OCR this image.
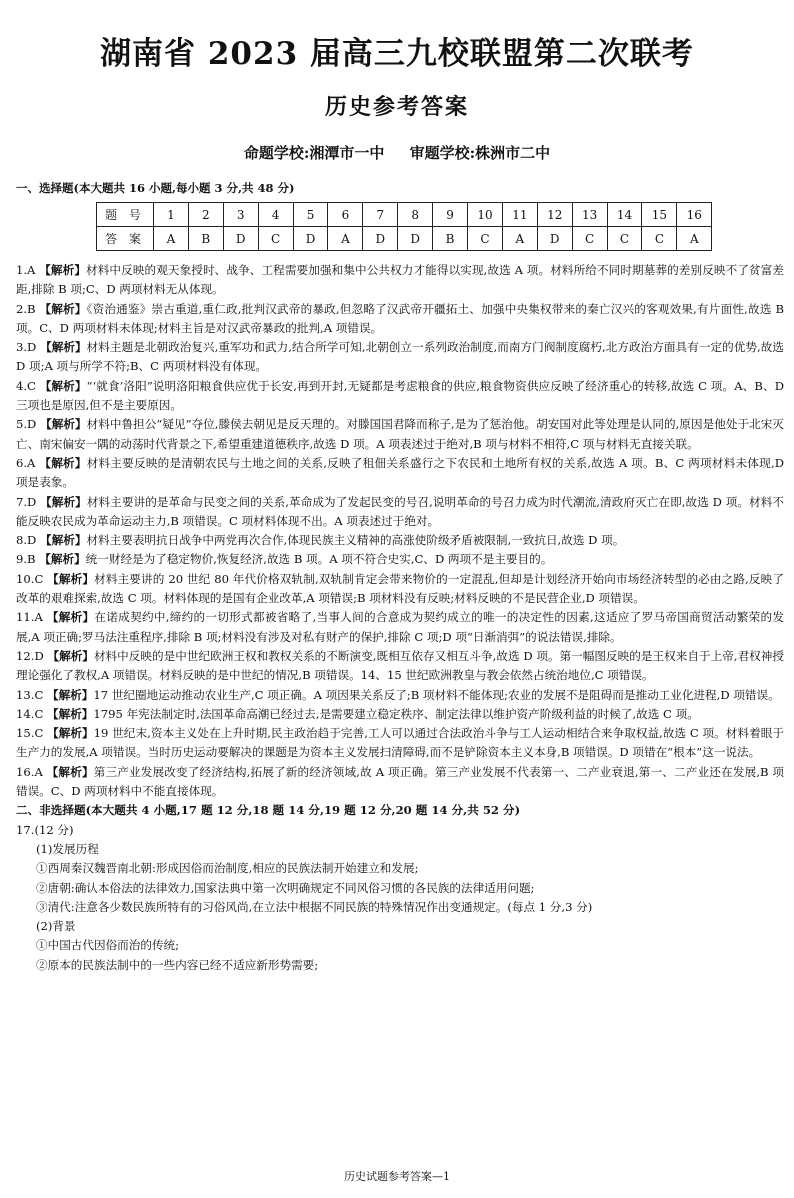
湖南省 2023 届高三九校联盟第二次联考
历史参考答案
命题学校:湘潭市一中 审题学校:株洲市二中
一、选择题(本大题共 16 小题,每小题 3 分,共 48 分)
题 号	1	2	3	4	5	6	7	8	9	10	11	12	13	14	15	16
答 案	A	B	D	C	D	A	D	D	B	C	A	D	C	C	C	A
1.A 【解析】材料中反映的观天象授时、战争、工程需要加强和集中公共权力才能得以实现,故选 A 项。材料所给不同时期墓葬的差别反映不了贫富差距,排除 B 项;C、D 两项材料无从体现。
2.B 【解析】《资治通鉴》崇古重道,重仁政,批判汉武帝的暴政,但忽略了汉武帝开疆拓土、加强中央集权带来的秦亡汉兴的客观效果,有片面性,故选 B 项。C、D 两项材料未体现;材料主旨是对汉武帝暴政的批判,A 项错误。
3.D 【解析】材料主题是北朝政治复兴,重军功和武力,结合所学可知,北朝创立一系列政治制度,而南方门阀制度腐朽,北方政治方面具有一定的优势,故选 D 项;A 项与所学不符;B、C 两项材料没有体现。
4.C 【解析】“‘就食’洛阳”说明洛阳粮食供应优于长安,再到开封,无疑都是考虑粮食的供应,粮食物资供应反映了经济重心的转移,故选 C 项。A、B、D 三项也是原因,但不是主要原因。
5.D 【解析】材料中鲁担公“疑见”夺位,滕侯去朝见是反天理的。对滕国国君降而称子,是为了惩治他。胡安国对此等处理是认同的,原因是他处于北宋灭亡、南宋偏安一隅的动荡时代背景之下,希望重建道德秩序,故选 D 项。A 项表述过于绝对,B 项与材料不相符,C 项与材料无直接关联。
6.A 【解析】材料主要反映的是清朝农民与土地之间的关系,反映了租佃关系盛行之下农民和土地所有权的关系,故选 A 项。B、C 两项材料未体现,D 项是表象。
7.D 【解析】材料主要讲的是革命与民变之间的关系,革命成为了发起民变的号召,说明革命的号召力成为时代潮流,清政府灭亡在即,故选 D 项。材料不能反映农民成为革命运动主力,B 项错误。C 项材料体现不出。A 项表述过于绝对。
8.D 【解析】材料主要表明抗日战争中两党再次合作,体现民族主义精神的高涨使阶级矛盾被限制,一致抗日,故选 D 项。
9.B 【解析】统一财经是为了稳定物价,恢复经济,故选 B 项。A 项不符合史实,C、D 两项不是主要目的。
10.C 【解析】材料主要讲的 20 世纪 80 年代价格双轨制,双轨制肯定会带来物价的一定混乱,但却是计划经济开始向市场经济转型的必由之路,反映了改革的艰难探索,故选 C 项。材料体现的是国有企业改革,A 项错误;B 项材料没有反映;材料反映的不是民营企业,D 项错误。
11.A 【解析】在诺成契约中,缔约的一切形式都被省略了,当事人间的合意成为契约成立的唯一的决定性的因素,这适应了罗马帝国商贸活动繁荣的发展,A 项正确;罗马法注重程序,排除 B 项;材料没有涉及对私有财产的保护,排除 C 项;D 项“日渐消弭”的说法错误,排除。
12.D 【解析】材料中反映的是中世纪欧洲王权和教权关系的不断演变,既相互依存又相互斗争,故选 D 项。第一幅图反映的是王权来自于上帝,君权神授理论强化了教权,A 项错误。材料反映的是中世纪的情况,B 项错误。14、15 世纪欧洲教皇与教会依然占统治地位,C 项错误。
13.C 【解析】17 世纪圈地运动推动农业生产,C 项正确。A 项因果关系反了;B 项材料不能体现;农业的发展不是阻碍而是推动工业化进程,D 项错误。
14.C 【解析】1795 年宪法制定时,法国革命高潮已经过去,是需要建立稳定秩序、制定法律以维护资产阶级利益的时候了,故选 C 项。
15.C 【解析】19 世纪末,资本主义处在上升时期,民主政治趋于完善,工人可以通过合法政治斗争与工人运动相结合来争取权益,故选 C 项。材料着眼于生产力的发展,A 项错误。当时历史运动要解决的课题是为资本主义发展扫清障碍,而不是铲除资本主义本身,B 项错误。D 项错在“根本”这一说法。
16.A 【解析】第三产业发展改变了经济结构,拓展了新的经济领域,故 A 项正确。第三产业发展不代表第一、二产业衰退,第一、二产业还在发展,B 项错误。C、D 两项材料中不能直接体现。
二、非选择题(本大题共 4 小题,17 题 12 分,18 题 14 分,19 题 12 分,20 题 14 分,共 52 分)
17.(12 分)
(1)发展历程
①西周秦汉魏晋南北朝:形成因俗而治制度,相应的民族法制开始建立和发展;
②唐朝:确认本俗法的法律效力,国家法典中第一次明确规定不同风俗习惯的各民族的法律适用问题;
③清代:注意各少数民族所特有的习俗风尚,在立法中根据不同民族的特殊情况作出变通规定。(每点 1 分,3 分)
(2)背景
①中国古代因俗而治的传统;
②原本的民族法制中的一些内容已经不适应新形势需要;
历史试题参考答案—1
